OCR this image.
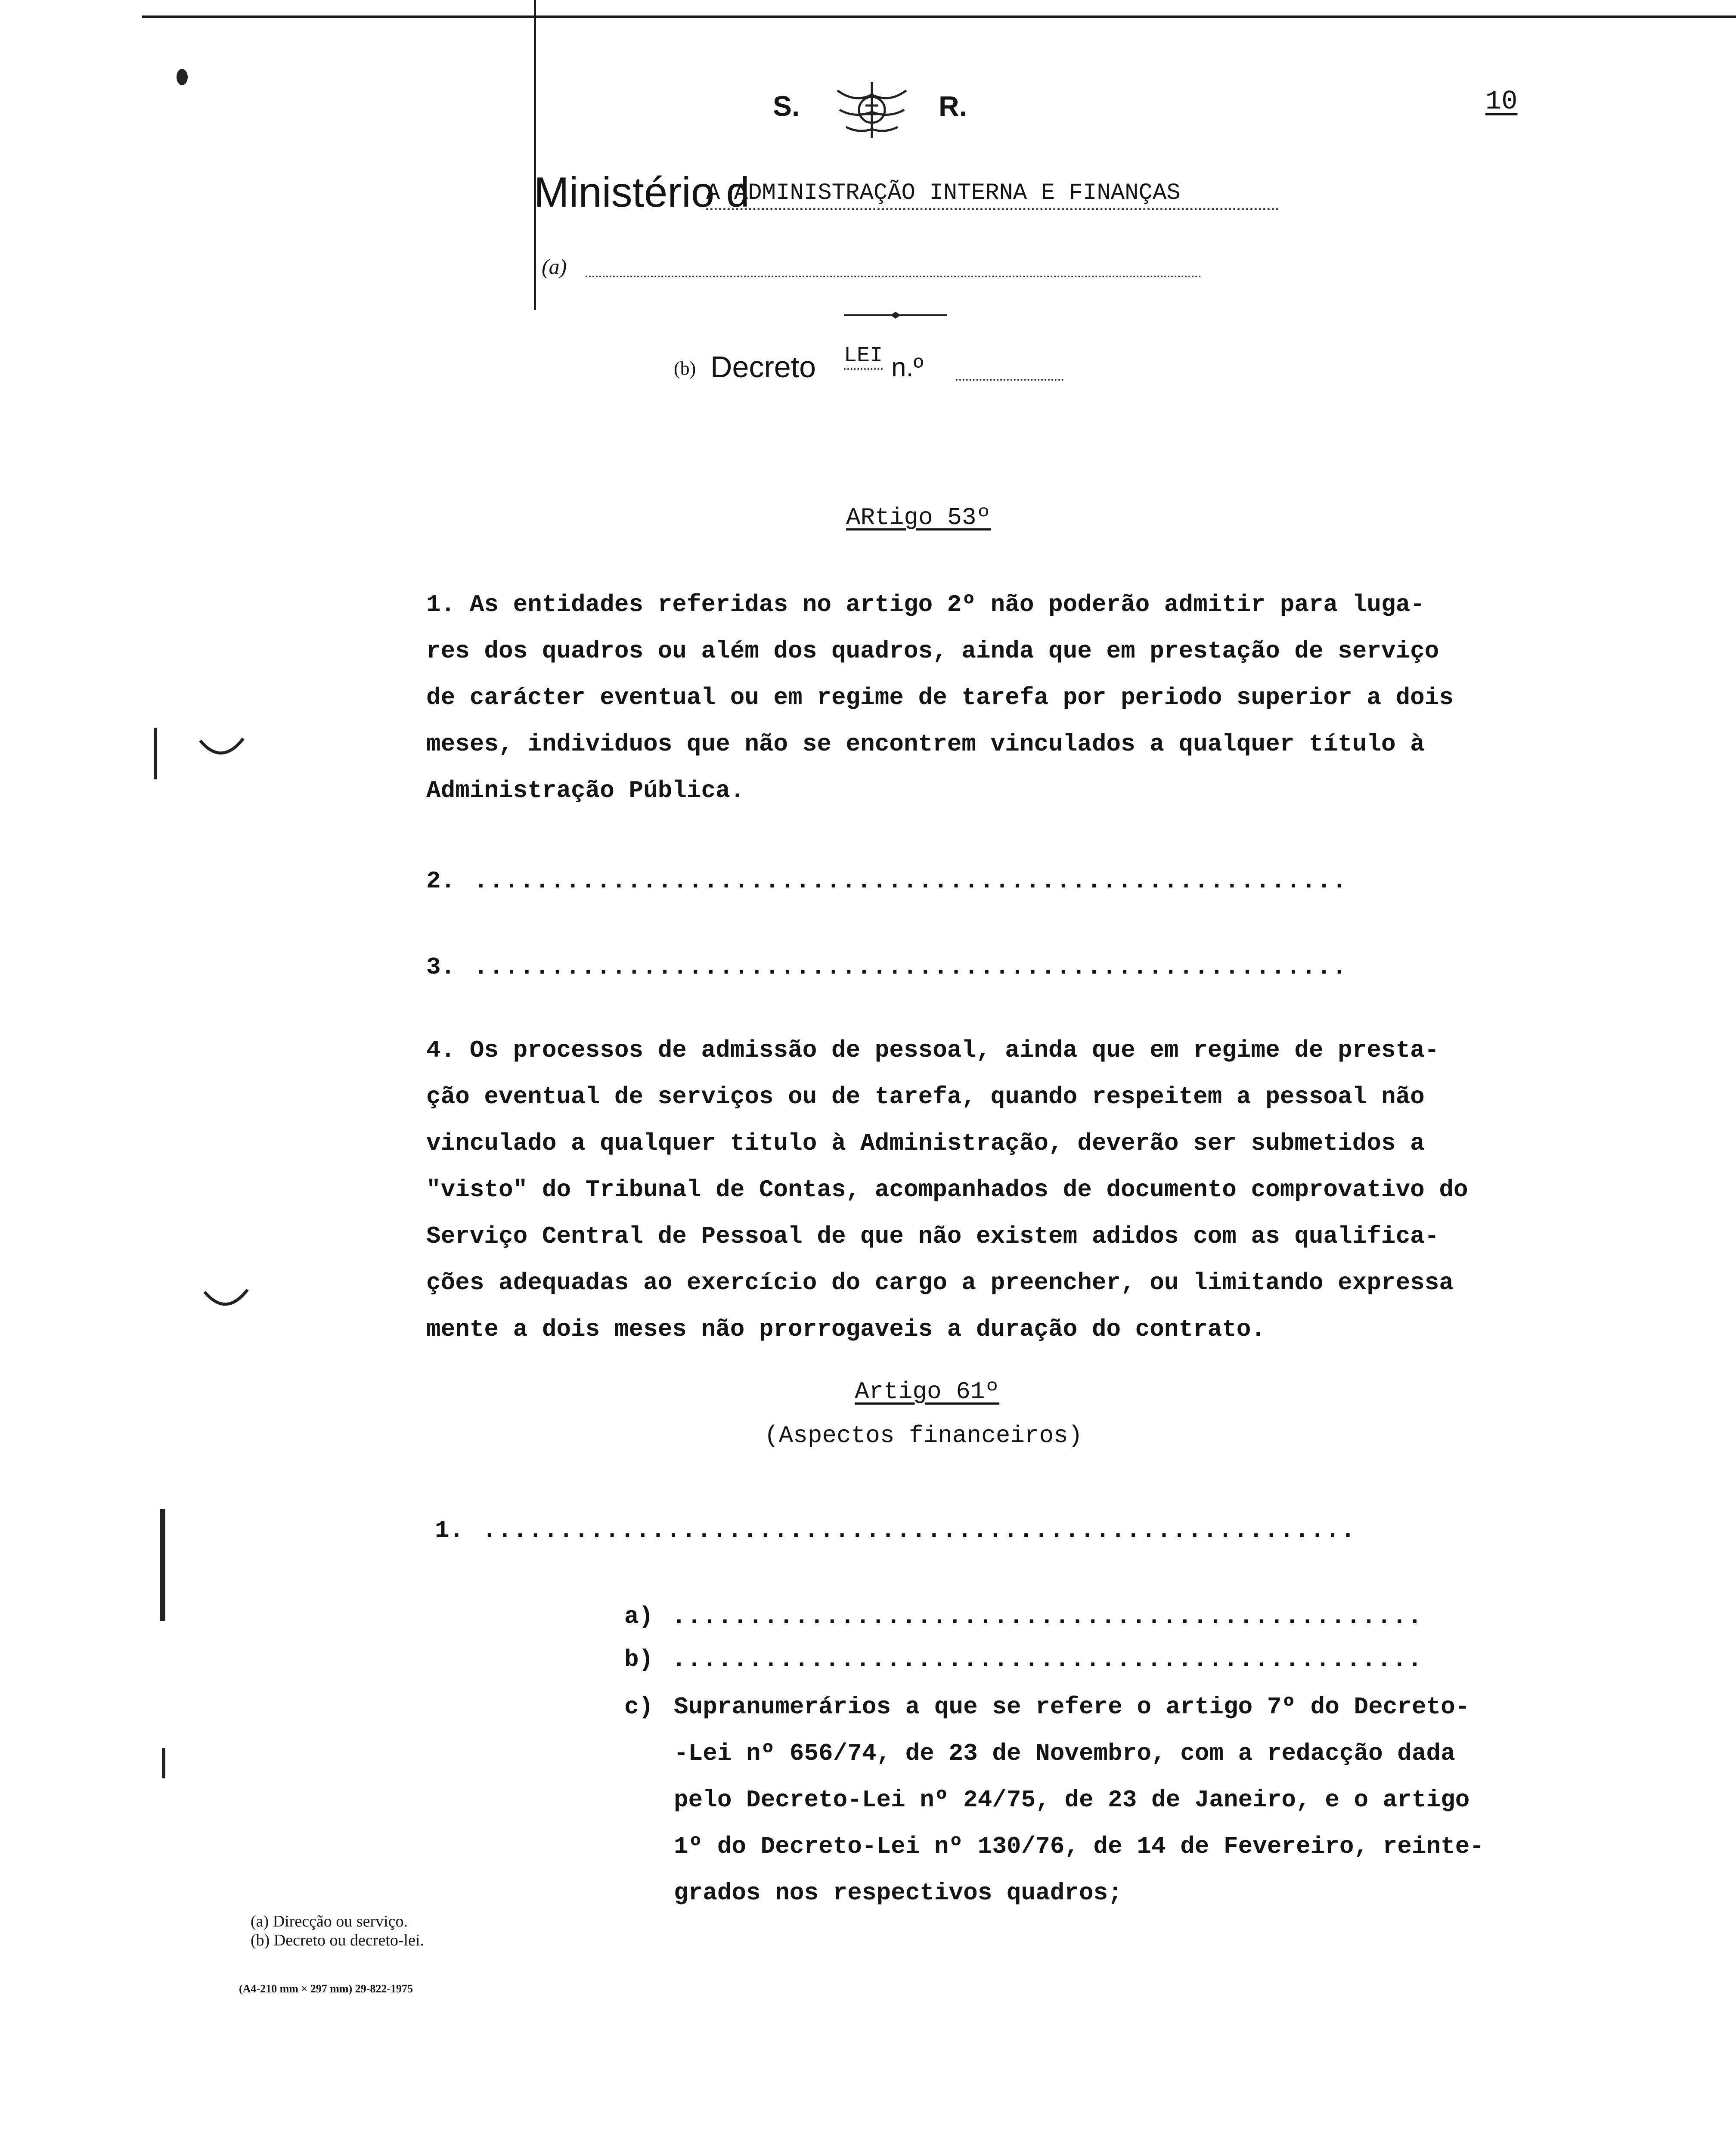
S.	R.	10
Ministério d
A ADMINISTRAÇÃO INTERNA E FINANÇAS
(a)
(b) Decreto LEI n.º
ARtigo 53º
1. As entidades referidas no artigo 2º não poderão admitir para luga-
res dos quadros ou além dos quadros, ainda que em prestação de serviço
de carácter eventual ou em regime de tarefa por periodo superior a dois
meses, individuos que não se encontrem vinculados a qualquer título à
Administração Pública.
2. .........................................................
3. .........................................................
4. Os processos de admissão de pessoal, ainda que em regime de presta-
ção eventual de serviços ou de tarefa, quando respeitem a pessoal não
vinculado a qualquer titulo à Administração, deverão ser submetidos a
"visto" do Tribunal de Contas, acompanhados de documento comprovativo do
Serviço Central de Pessoal de que não existem adidos com as qualifica-
ções adequadas ao exercício do cargo a preencher, ou limitando expressa
mente a dois meses não prorrogaveis a duração do contrato.
Artigo 61º
(Aspectos financeiros)
1. .........................................................
a) .................................................
b) .................................................
c) Supranumerários a que se refere o artigo 7º do Decreto-
-Lei nº 656/74, de 23 de Novembro, com a redacção dada
pelo Decreto-Lei nº 24/75, de 23 de Janeiro, e o artigo
1º do Decreto-Lei nº 130/76, de 14 de Fevereiro, reinte-
grados nos respectivos quadros;
(a) Direcção ou serviço.
(b) Decreto ou decreto-lei.
(A4-210 mm × 297 mm) 29-822-1975
